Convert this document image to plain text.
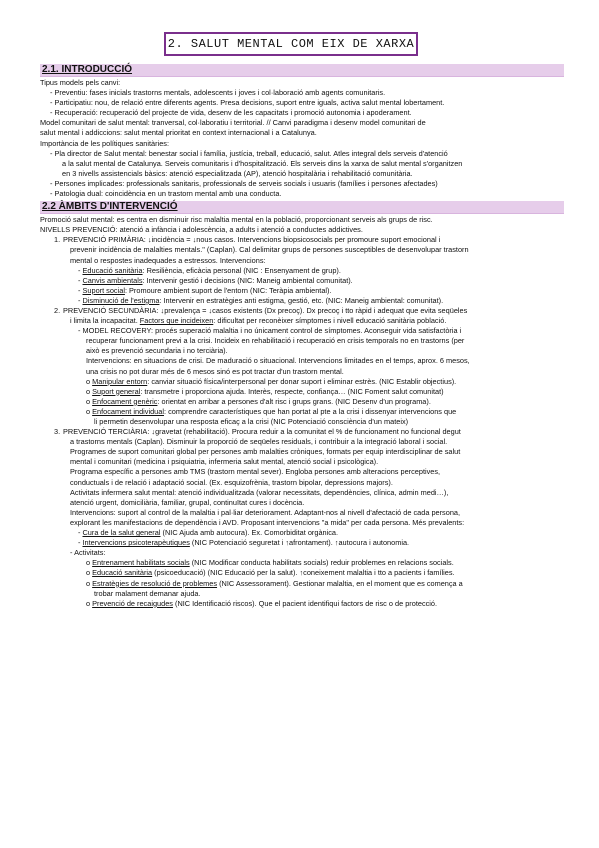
2. SALUT MENTAL COM EIX DE XARXA
2.1. INTRODUCCIÓ

Tipus models pels canvi:

- Preventiu: fases inicials trastorns mentals, adolescents i joves i col·laboració amb agents comunitaris.

- Participatiu: nou, de relació entre diferents agents. Presa decisions, suport entre iguals, activa salut mental lobertament.

- Recuperació: recuperació del projecte de vida, desenv de les capacitats i promoció autonomia i apoderament.

Model comunitari de salut mental: tranversal, col·laboratiu i territorial. // Canvi paradigma i desenv model comunitari de

salut mental i addiccions: salut mental prioritat en context internacional i a Catalunya.

Importància de les polítiques sanitàries:

- Pla director de Salut mental: benestar social i família, justícia, treball, educació, salut. Atles integral dels serveis d'atenció

a la salut mental de Catalunya. Serveis comunitaris i d'hospitalització. Els serveis dins la xarxa de salut mental s'organitzen

en 3 nivells assistencials bàsics: atenció especialitzada (AP), atenció hospitalària i rehabilitació comunitària.

- Persones implicades: professionals sanitaris, professionals de serveis socials i usuaris (famílies i persones afectades)

- Patologia dual: coincidència en un trastorn mental amb una conducta.

2.2 ÀMBITS D'INTERVENCIÓ

Promoció salut mental: es centra en disminuir risc malaltia mental en la població, proporcionant serveis als grups de risc.

NIVELLS PREVENCIÓ: atenció a infància i adolescència, a adults i atenció a conductes addictives.

1. PREVENCIÓ PRIMÀRIA: ↓incidència = ↓nous casos. Intervencions biopsicosocials per promoure suport emocional i

prevenir incidència de malalties mentals." (Caplan). Cal delimitar grups de persones susceptibles de desenvolupar trastorn

mental o respostes inadequades a estressos. Intervencions:

- Educació sanitària: Resiliència, eficàcia personal (NIC : Ensenyament de grup).

- Canvis ambientals: Intervenir gestió i decisions (NIC: Maneig ambiental comunitat).

- Suport social: Promoure ambient suport de l'entorn (NIC: Teràpia ambiental).

- Disminució de l'estigma: Intervenir en estratègies anti estigma, gestió, etc. (NIC: Maneig ambiental: comunitat).

2. PREVENCIÓ SECUNDÀRIA: ↓prevalença = ↓casos existents (Dx precoç). Dx precoç i tto ràpid i adequat que evita seqüeles

i limita la incapacitat. Factors que incideixen: dificultat per reconèixer símptomes i nivell educació sanitària població.

- MODEL RECOVERY: procés superació malaltia i no únicament control de símptomes. Aconseguir vida satisfactòria i

recuperar funcionament previ a la crisi. Incideix en rehabilitació i recuperació en crisis temporals no en trastorns (per

això es prevenció secundaria i no terciària).

Intervencions: en situacions de crisi. De maduració o situacional. Intervencions limitades en el temps, aprox. 6 mesos,

una crisis no pot durar més de 6 mesos sinó es pot tractar d'un trastorn mental.

o Manipular entorn: canviar situació física/interpersonal per donar suport i eliminar estrès. (NIC Establir objectius).

o Suport general: transmetre i proporciona ajuda. Interès, respecte, confiança… (NIC Foment salut comunitat)

o Enfocament genèric: orientat en arribar a persones d'alt risc i grups grans. (NIC Desenv d'un programa).

o Enfocament individual: comprendre característiques que han portat al pte a la crisi i dissenyar intervencions que

li permetin desenvolupar una resposta eficaç a la crisi (NIC Potenciació consciència d'un mateix)

3. PREVENCIÓ TERCIÀRIA: ↓gravetat (rehabilitació). Procura reduir a la comunitat el % de funcionament no funcional degut

a trastorns mentals (Caplan). Disminuir la proporció de seqüeles residuals, i contribuir a la integració laboral i social.

Programes de suport comunitari global per persones amb malalties cròniques, formats per equip interdisciplinar de salut

mental i comunitari (medicina i psiquiatria, infermeria salut mental, atenció social i psicològica).

Programa específic a persones amb TMS (trastorn mental sever). Engloba persones amb alteracions perceptives,

conductuals i de relació i adaptació social. (Ex. esquizofrènia, trastorn bipolar, depressions majors).

Activitats infermera salut mental: atenció individualitzada (valorar necessitats, dependències, clínica, admin medi…),

atenció urgent, domiciliària, familiar, grupal, continuïtat cures i docència.

Intervencions: suport al control de la malaltia i pal·liar deteriorament. Adaptant-nos al nivell d'afectació de cada persona,

explorant les manifestacions de dependència i AVD. Proposant intervencions "a mida" per cada persona. Més prevalents:

- Cura de la salut general (NIC Ajuda amb autocura). Ex. Comorbiditat orgànica.

- Intervencions psicoterapèutiques (NIC Potenciació seguretat i ↑afrontament). ↑autocura i autonomia.

- Activitats:

o Entrenament habilitats socials (NIC Modificar conducta habilitats socials) reduir problemes en relacions socials.

o Educació sanitària (psicoeducació) (NIC Educació per la salut). ↑coneixement malaltia i tto a pacients i famílies.

o Estratègies de resolució de problemes (NIC Assessorament). Gestionar malaltia, en el moment que es comença a

trobar malament demanar ajuda.

o Prevenció de recaigudes (NIC Identificació riscos). Que el pacient identifiqui factors de risc o de protecció.
